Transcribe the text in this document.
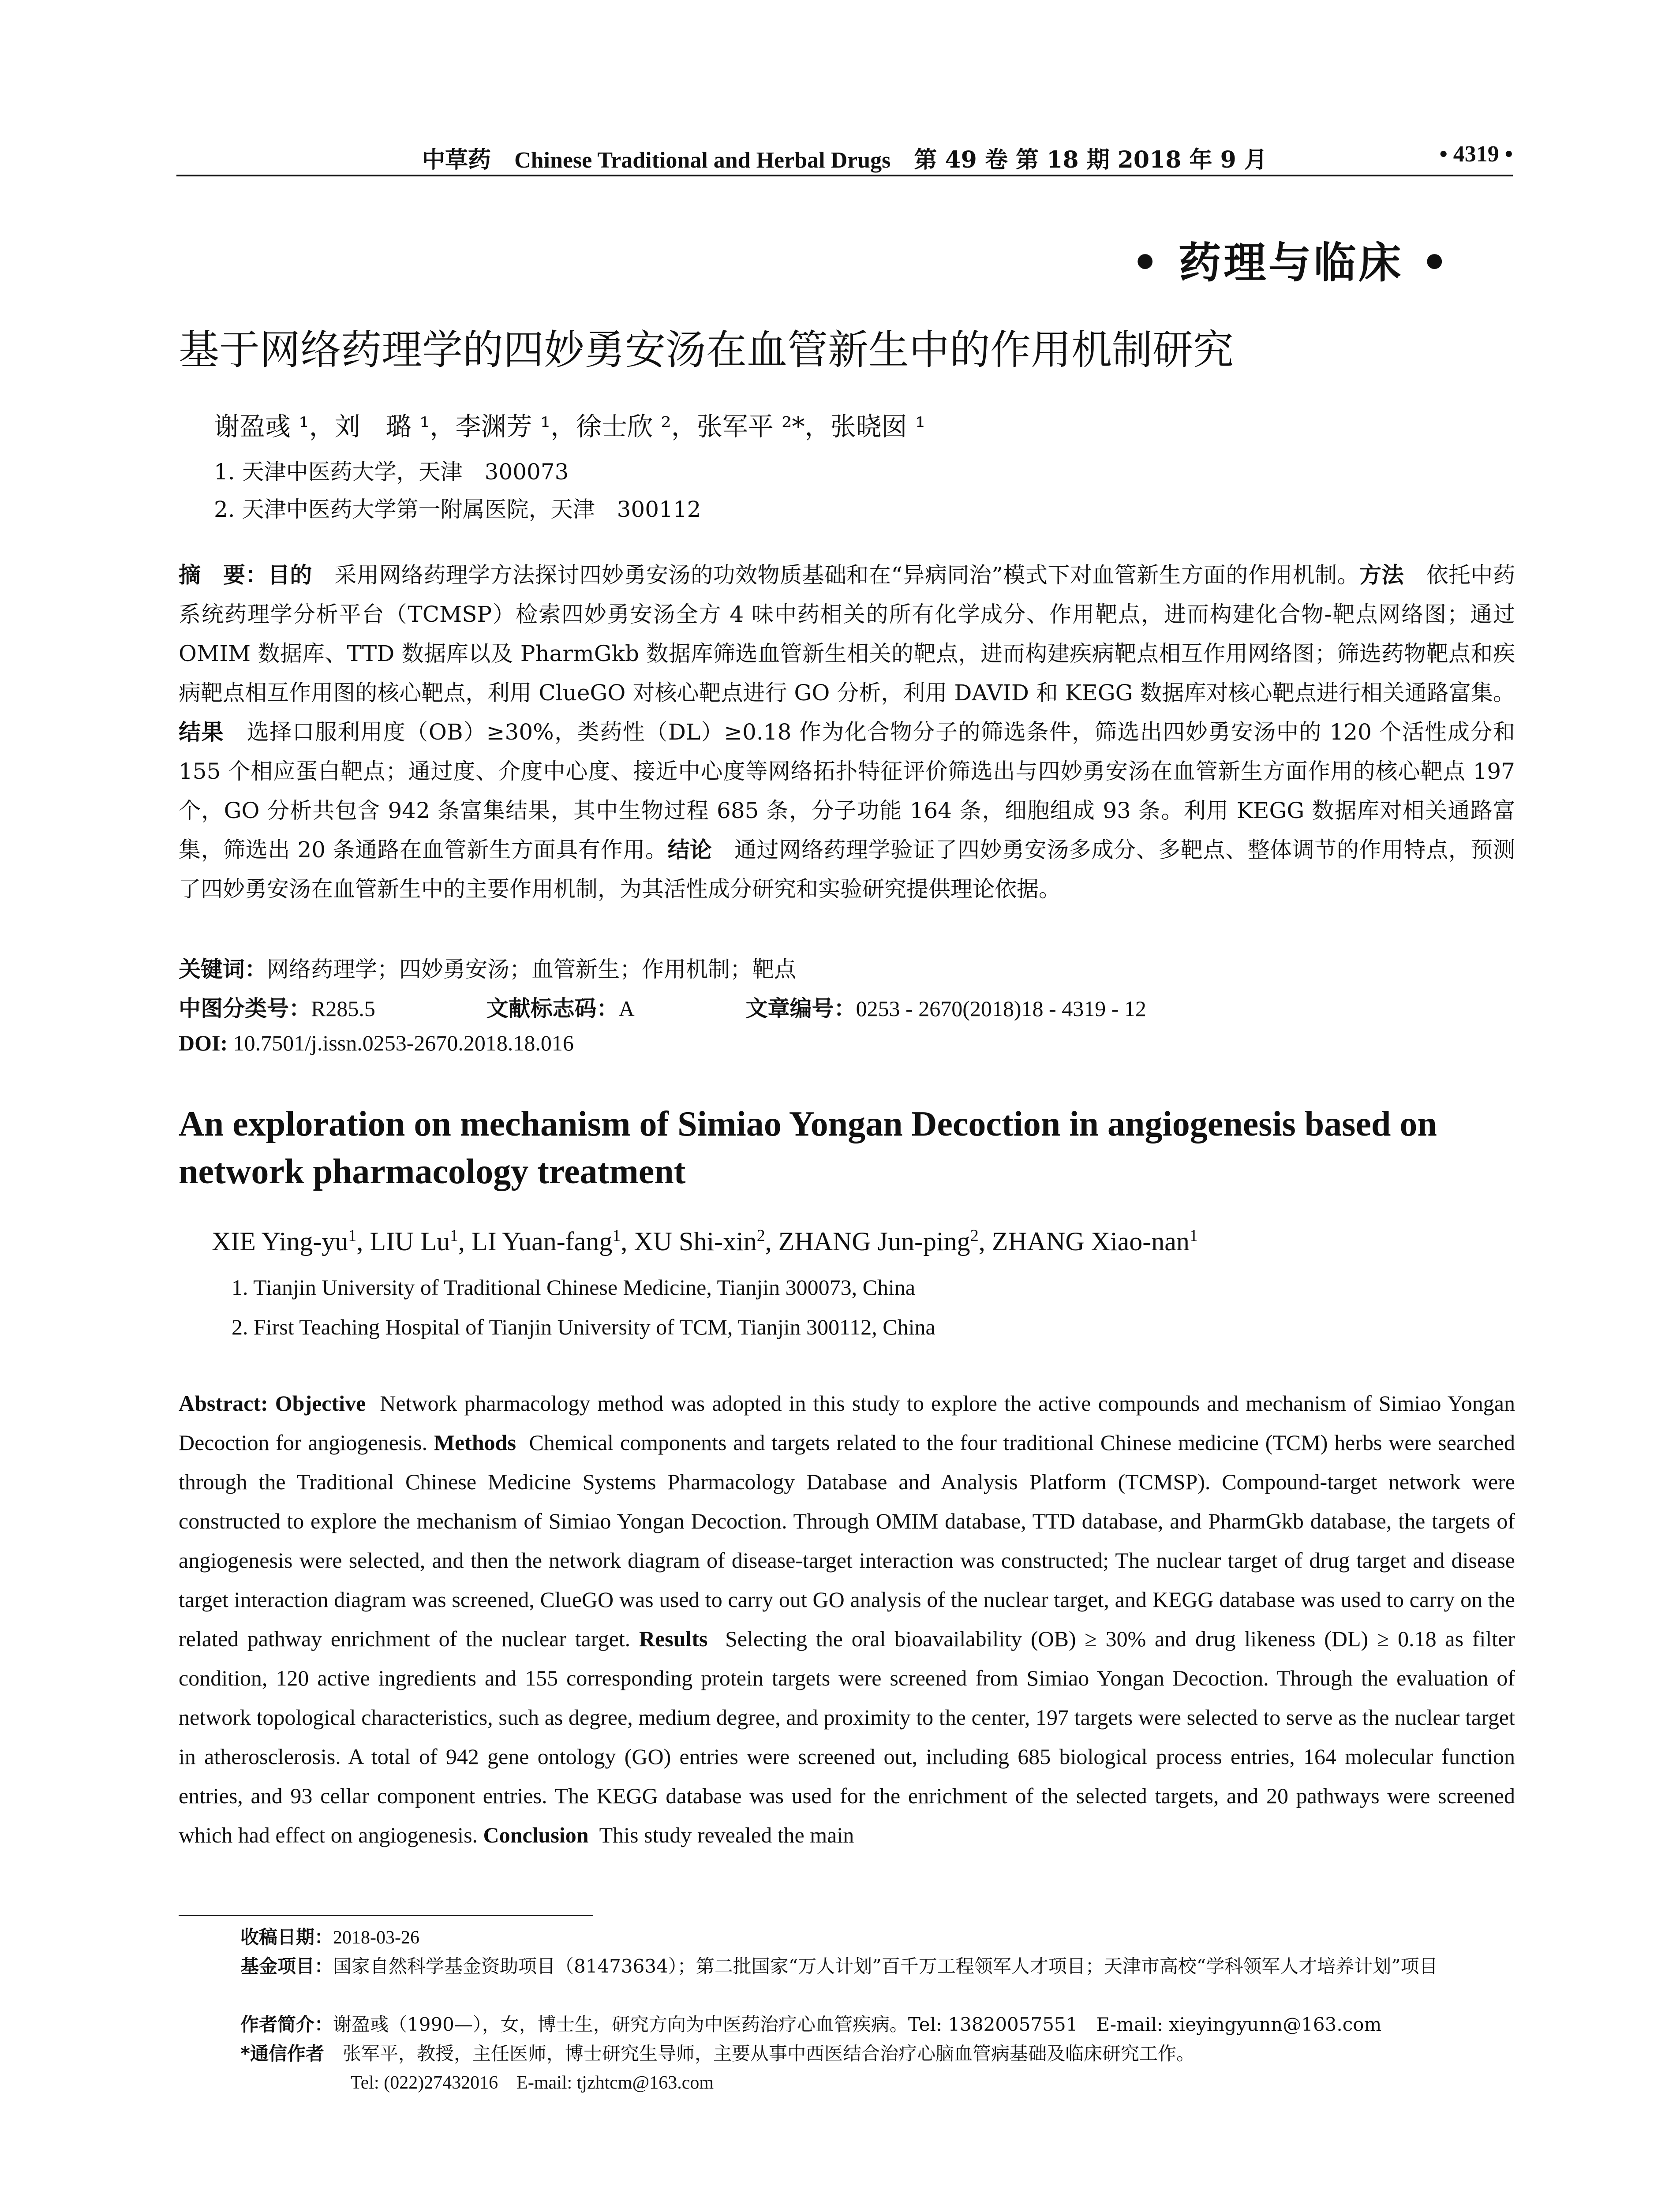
中草药 Chinese Traditional and Herbal Drugs 第 49 卷 第 18 期 2018 年 9 月	• 4319 •
• 药理与临床 •
基于网络药理学的四妙勇安汤在血管新生中的作用机制研究
谢盈彧 ¹，刘　璐 ¹，李渊芳 ¹，徐士欣 ²，张军平 ²*，张晓囡 ¹
1. 天津中医药大学，天津　300073
2. 天津中医药大学第一附属医院，天津　300112
摘　要：目的　采用网络药理学方法探讨四妙勇安汤的功效物质基础和在“异病同治”模式下对血管新生方面的作用机制。方法　依托中药系统药理学分析平台（TCMSP）检索四妙勇安汤全方 4 味中药相关的所有化学成分、作用靶点，进而构建化合物-靶点网络图；通过 OMIM 数据库、TTD 数据库以及 PharmGkb 数据库筛选血管新生相关的靶点，进而构建疾病靶点相互作用网络图；筛选药物靶点和疾病靶点相互作用图的核心靶点，利用 ClueGO 对核心靶点进行 GO 分析，利用 DAVID 和 KEGG 数据库对核心靶点进行相关通路富集。结果　选择口服利用度（OB）≥30%，类药性（DL）≥0.18 作为化合物分子的筛选条件，筛选出四妙勇安汤中的 120 个活性成分和 155 个相应蛋白靶点；通过度、介度中心度、接近中心度等网络拓扑特征评价筛选出与四妙勇安汤在血管新生方面作用的核心靶点 197 个，GO 分析共包含 942 条富集结果，其中生物过程 685 条，分子功能 164 条，细胞组成 93 条。利用 KEGG 数据库对相关通路富集，筛选出 20 条通路在血管新生方面具有作用。结论　通过网络药理学验证了四妙勇安汤多成分、多靶点、整体调节的作用特点，预测了四妙勇安汤在血管新生中的主要作用机制，为其活性成分研究和实验研究提供理论依据。
关键词：网络药理学；四妙勇安汤；血管新生；作用机制；靶点
中图分类号：R285.5	文献标志码：A	文章编号：0253 - 2670(2018)18 - 4319 - 12
DOI: 10.7501/j.issn.0253-2670.2018.18.016
An exploration on mechanism of Simiao Yongan Decoction in angiogenesis based on network pharmacology treatment
XIE Ying-$yu^1$, LIU Lu$^1$, LI Yuan-fang$^1$, XU Shi-xin$^2$, ZHANG Jun-ping$^2$, ZHANG Xiao-nan$^1$
1. Tianjin University of Traditional Chinese Medicine, Tianjin 300073, China
2. First Teaching Hospital of Tianjin University of TCM, Tianjin 300112, China
Abstract: Objective  Network pharmacology method was adopted in this study to explore the active compounds and mechanism of Simiao Yongan Decoction for angiogenesis. Methods  Chemical components and targets related to the four traditional Chinese medicine (TCM) herbs were searched through the Traditional Chinese Medicine Systems Pharmacology Database and Analysis Platform (TCMSP). Compound-target network were constructed to explore the mechanism of Simiao Yongan Decoction. Through OMIM database, TTD database, and PharmGkb database, the targets of angiogenesis were selected, and then the network diagram of disease-target interaction was constructed; The nuclear target of drug target and disease target interaction diagram was screened, ClueGO was used to carry out GO analysis of the nuclear target, and KEGG database was used to carry on the related pathway enrichment of the nuclear target. Results  Selecting the oral bioavailability (OB) ≥ 30% and drug likeness (DL) ≥ 0.18 as filter condition, 120 active ingredients and 155 corresponding protein targets were screened from Simiao Yongan Decoction. Through the evaluation of network topological characteristics, such as degree, medium degree, and proximity to the center, 197 targets were selected to serve as the nuclear target in atherosclerosis. A total of 942 gene ontology (GO) entries were screened out, including 685 biological process entries, 164 molecular function entries, and 93 cellar component entries. The KEGG database was used for the enrichment of the selected targets, and 20 pathways were screened which had effect on angiogenesis. Conclusion  This study revealed the main
收稿日期：2018-03-26
基金项目：国家自然科学基金资助项目（81473634）；第二批国家“万人计划”百千万工程领军人才项目；天津市高校“学科领军人才培养计划”项目
作者简介：谢盈彧（1990—），女，博士生，研究方向为中医药治疗心血管疾病。Tel: 13820057551　E-mail: xieyingyunn@163.com
*通信作者　张军平，教授，主任医师，博士研究生导师，主要从事中西医结合治疗心脑血管病基础及临床研究工作。
Tel: (022)27432016　E-mail: tjzhtcm@163.com
